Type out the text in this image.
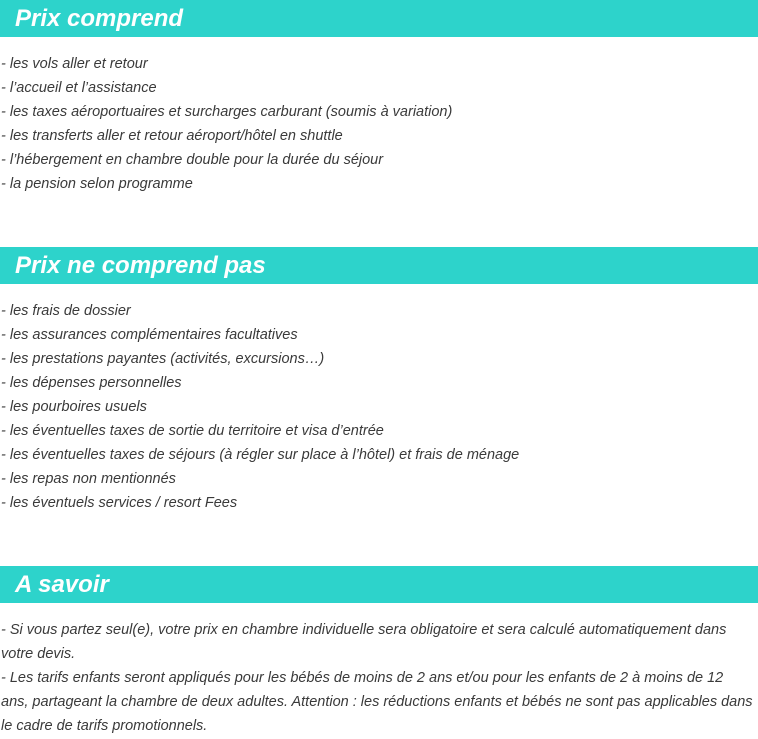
Prix comprend
- les vols aller et retour
- l’accueil et l’assistance
- les taxes aéroportuaires et surcharges carburant (soumis à variation)
- les transferts aller et retour aéroport/hôtel en shuttle
- l’hébergement en chambre double pour la durée du séjour
- la pension selon programme
Prix ne comprend pas
- les frais de dossier
- les assurances complémentaires facultatives
- les prestations payantes (activités, excursions…)
- les dépenses personnelles
- les pourboires usuels
- les éventuelles taxes de sortie du territoire et visa d’entrée
- les éventuelles taxes de séjours (à régler sur place à l’hôtel) et frais de ménage
- les repas non mentionnés
- les éventuels services / resort Fees
A savoir
- Si vous partez seul(e), votre prix en chambre individuelle sera obligatoire et sera calculé automatiquement dans votre devis.
- Les tarifs enfants seront appliqués pour les bébés de moins de 2 ans et/ou pour les enfants de 2 à moins de 12 ans, partageant la chambre de deux adultes. Attention : les réductions enfants et bébés ne sont pas applicables dans le cadre de tarifs promotionnels.
